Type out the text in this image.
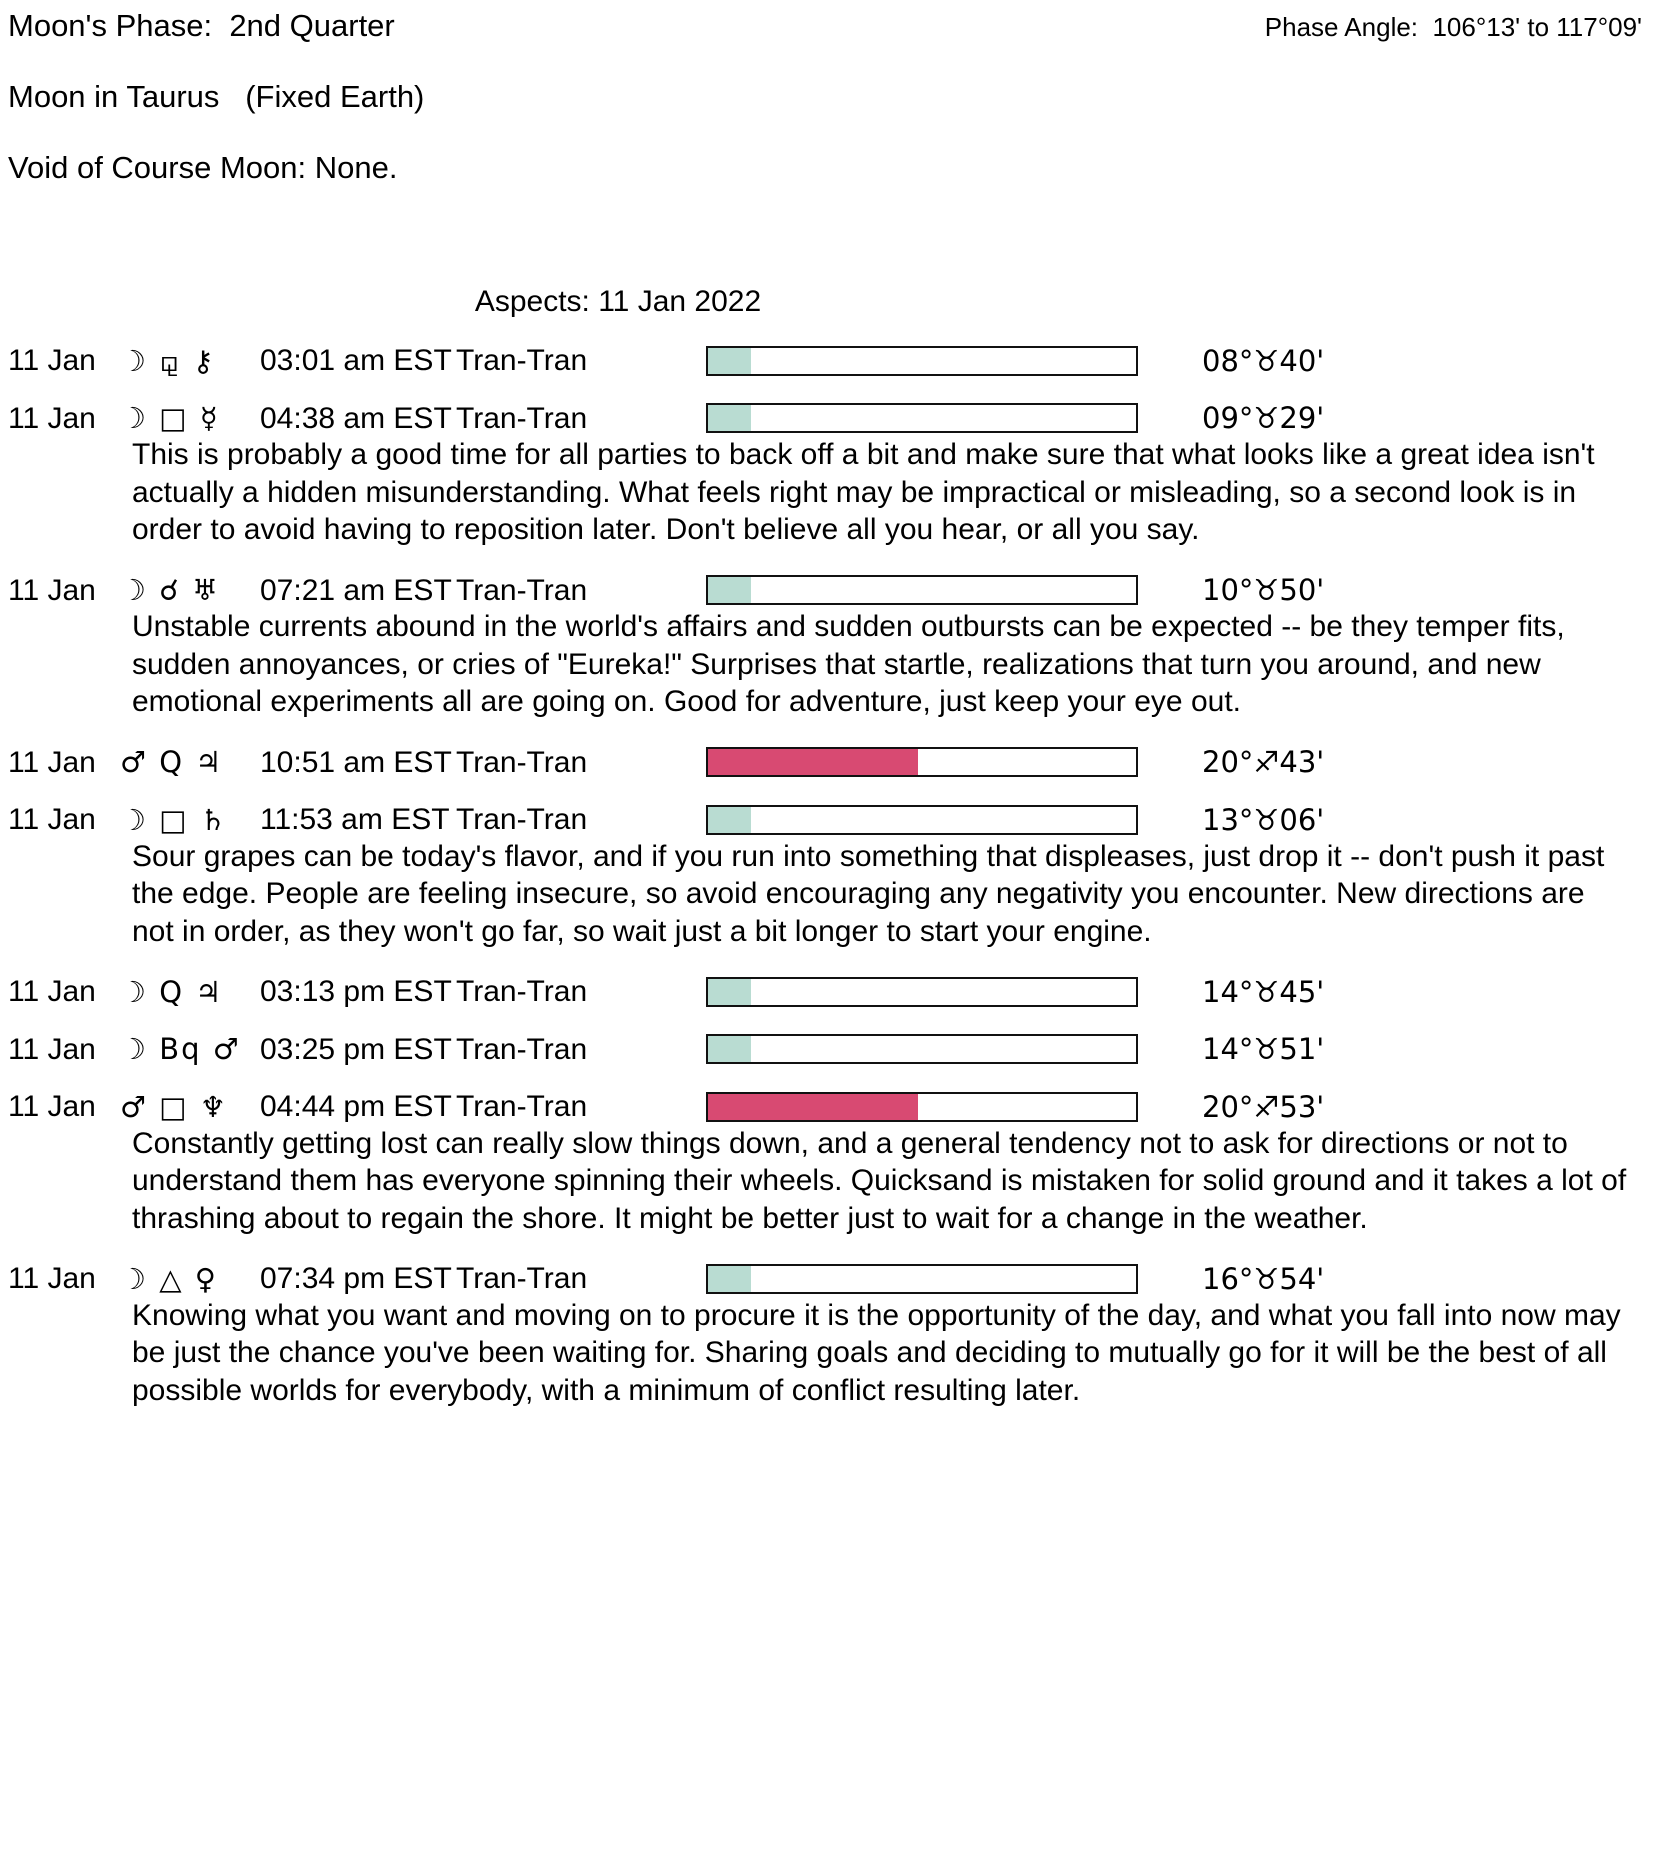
Moon's Phase:  2nd Quarter	Phase Angle:  106°13' to 117°09'
Moon in Taurus   (Fixed Earth)
Void of Course Moon: None.
Aspects: 11 Jan 2022
11 Jan ☽ ⚼ ⚷	03:01 am EST Tran-Tran	08°♉40'
11 Jan ☽ □ ☿	04:38 am EST Tran-Tran	09°♉29'
This is probably a good time for all parties to back off a bit and make sure that what looks like a great idea isn't actually a hidden misunderstanding. What feels right may be impractical or misleading, so a second look is in order to avoid having to reposition later. Don't believe all you hear, or all you say.
11 Jan ☽ ☌ ♅	07:21 am EST Tran-Tran	10°♉50'
Unstable currents abound in the world's affairs and sudden outbursts can be expected -- be they temper fits, sudden annoyances, or cries of "Eureka!" Surprises that startle, realizations that turn you around, and new emotional experiments all are going on. Good for adventure, just keep your eye out.
11 Jan ♂ Q ♃	10:51 am EST Tran-Tran	20°♐43'
11 Jan ☽ □ ♄	11:53 am EST Tran-Tran	13°♉06'
Sour grapes can be today's flavor, and if you run into something that displeases, just drop it -- don't push it past the edge. People are feeling insecure, so avoid encouraging any negativity you encounter. New directions are not in order, as they won't go far, so wait just a bit longer to start your engine.
11 Jan ☽ Q ♃	03:13 pm EST Tran-Tran	14°♉45'
11 Jan ☽ Bq ♂ 03:25 pm EST Tran-Tran	14°♉51'
11 Jan ♂ □ ♆	04:44 pm EST Tran-Tran	20°♐53'
Constantly getting lost can really slow things down, and a general tendency not to ask for directions or not to understand them has everyone spinning their wheels. Quicksand is mistaken for solid ground and it takes a lot of thrashing about to regain the shore. It might be better just to wait for a change in the weather.
11 Jan ☽ △ ♀	07:34 pm EST Tran-Tran	16°♉54'
Knowing what you want and moving on to procure it is the opportunity of the day, and what you fall into now may be just the chance you've been waiting for. Sharing goals and deciding to mutually go for it will be the best of all possible worlds for everybody, with a minimum of conflict resulting later.
